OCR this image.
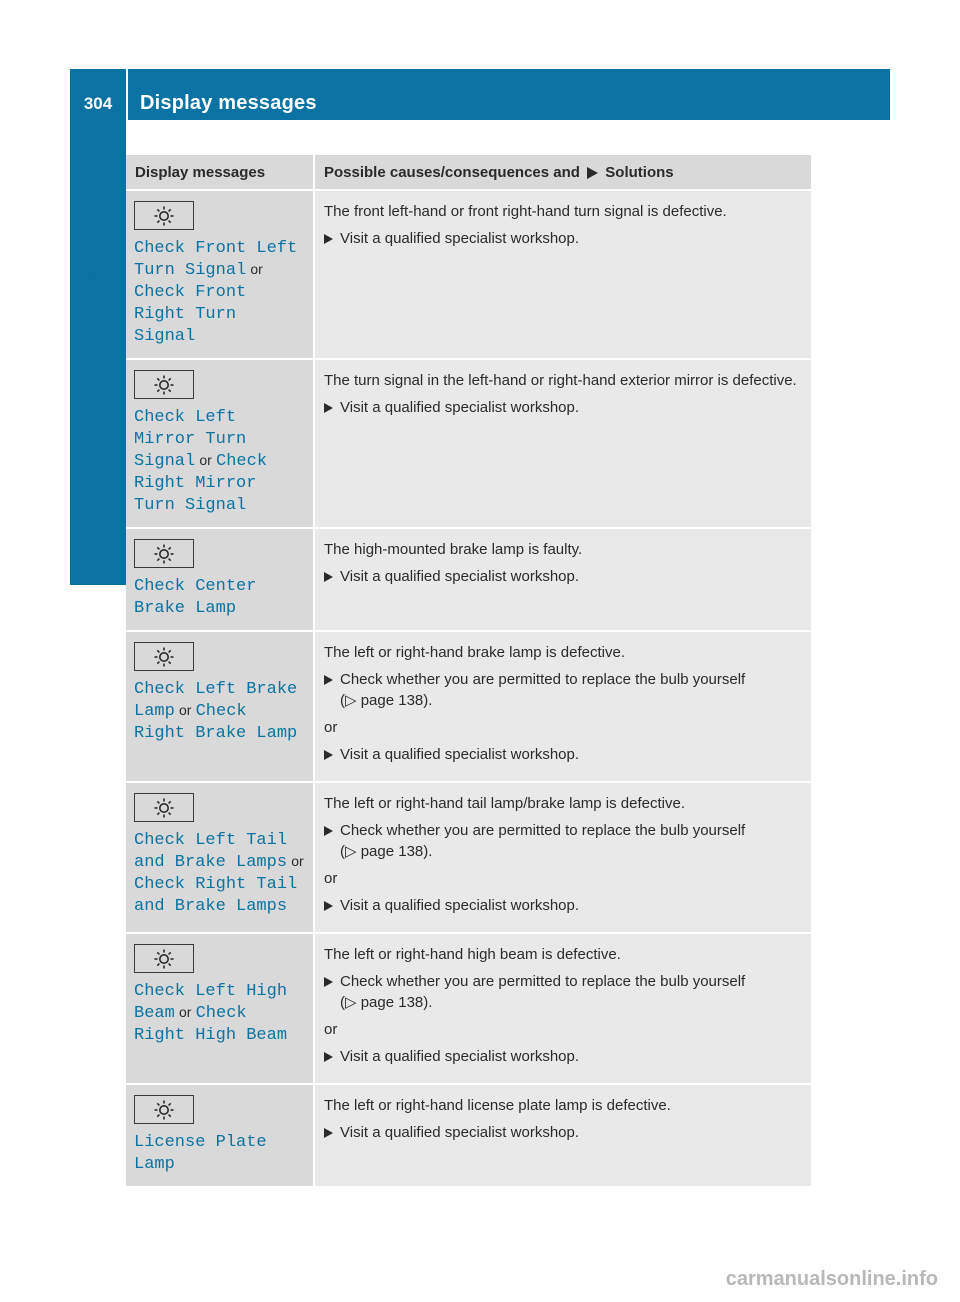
304	Display messages
On-board computer and displays
Display messages	Possible causes/consequences and Solutions

Check Front Left Turn Signal or Check Front Right Turn Signal	The front left-hand or front right-hand turn signal is defective.

Visit a qualified specialist workshop.

Check Left Mirror Turn Signal or Check Right Mirror Turn Signal	The turn signal in the left-hand or right-hand exterior mirror is defective.

Visit a qualified specialist workshop.

Check Center Brake Lamp	The high-mounted brake lamp is faulty.

Visit a qualified specialist workshop.

Check Left Brake Lamp or Check Right Brake Lamp	The left or right-hand brake lamp is defective.

Check whether you are permitted to replace the bulb yourself
(▷ page 138).

or

Visit a qualified specialist workshop.

Check Left Tail and Brake Lamps or Check Right Tail and Brake Lamps	The left or right-hand tail lamp/brake lamp is defective.

Check whether you are permitted to replace the bulb yourself
(▷ page 138).

or

Visit a qualified specialist workshop.

Check Left High Beam or Check Right High Beam	The left or right-hand high beam is defective.

Check whether you are permitted to replace the bulb yourself
(▷ page 138).

or

Visit a qualified specialist workshop.

License Plate Lamp	The left or right-hand license plate lamp is defective.

Visit a qualified specialist workshop.

carmanualsonline.info
